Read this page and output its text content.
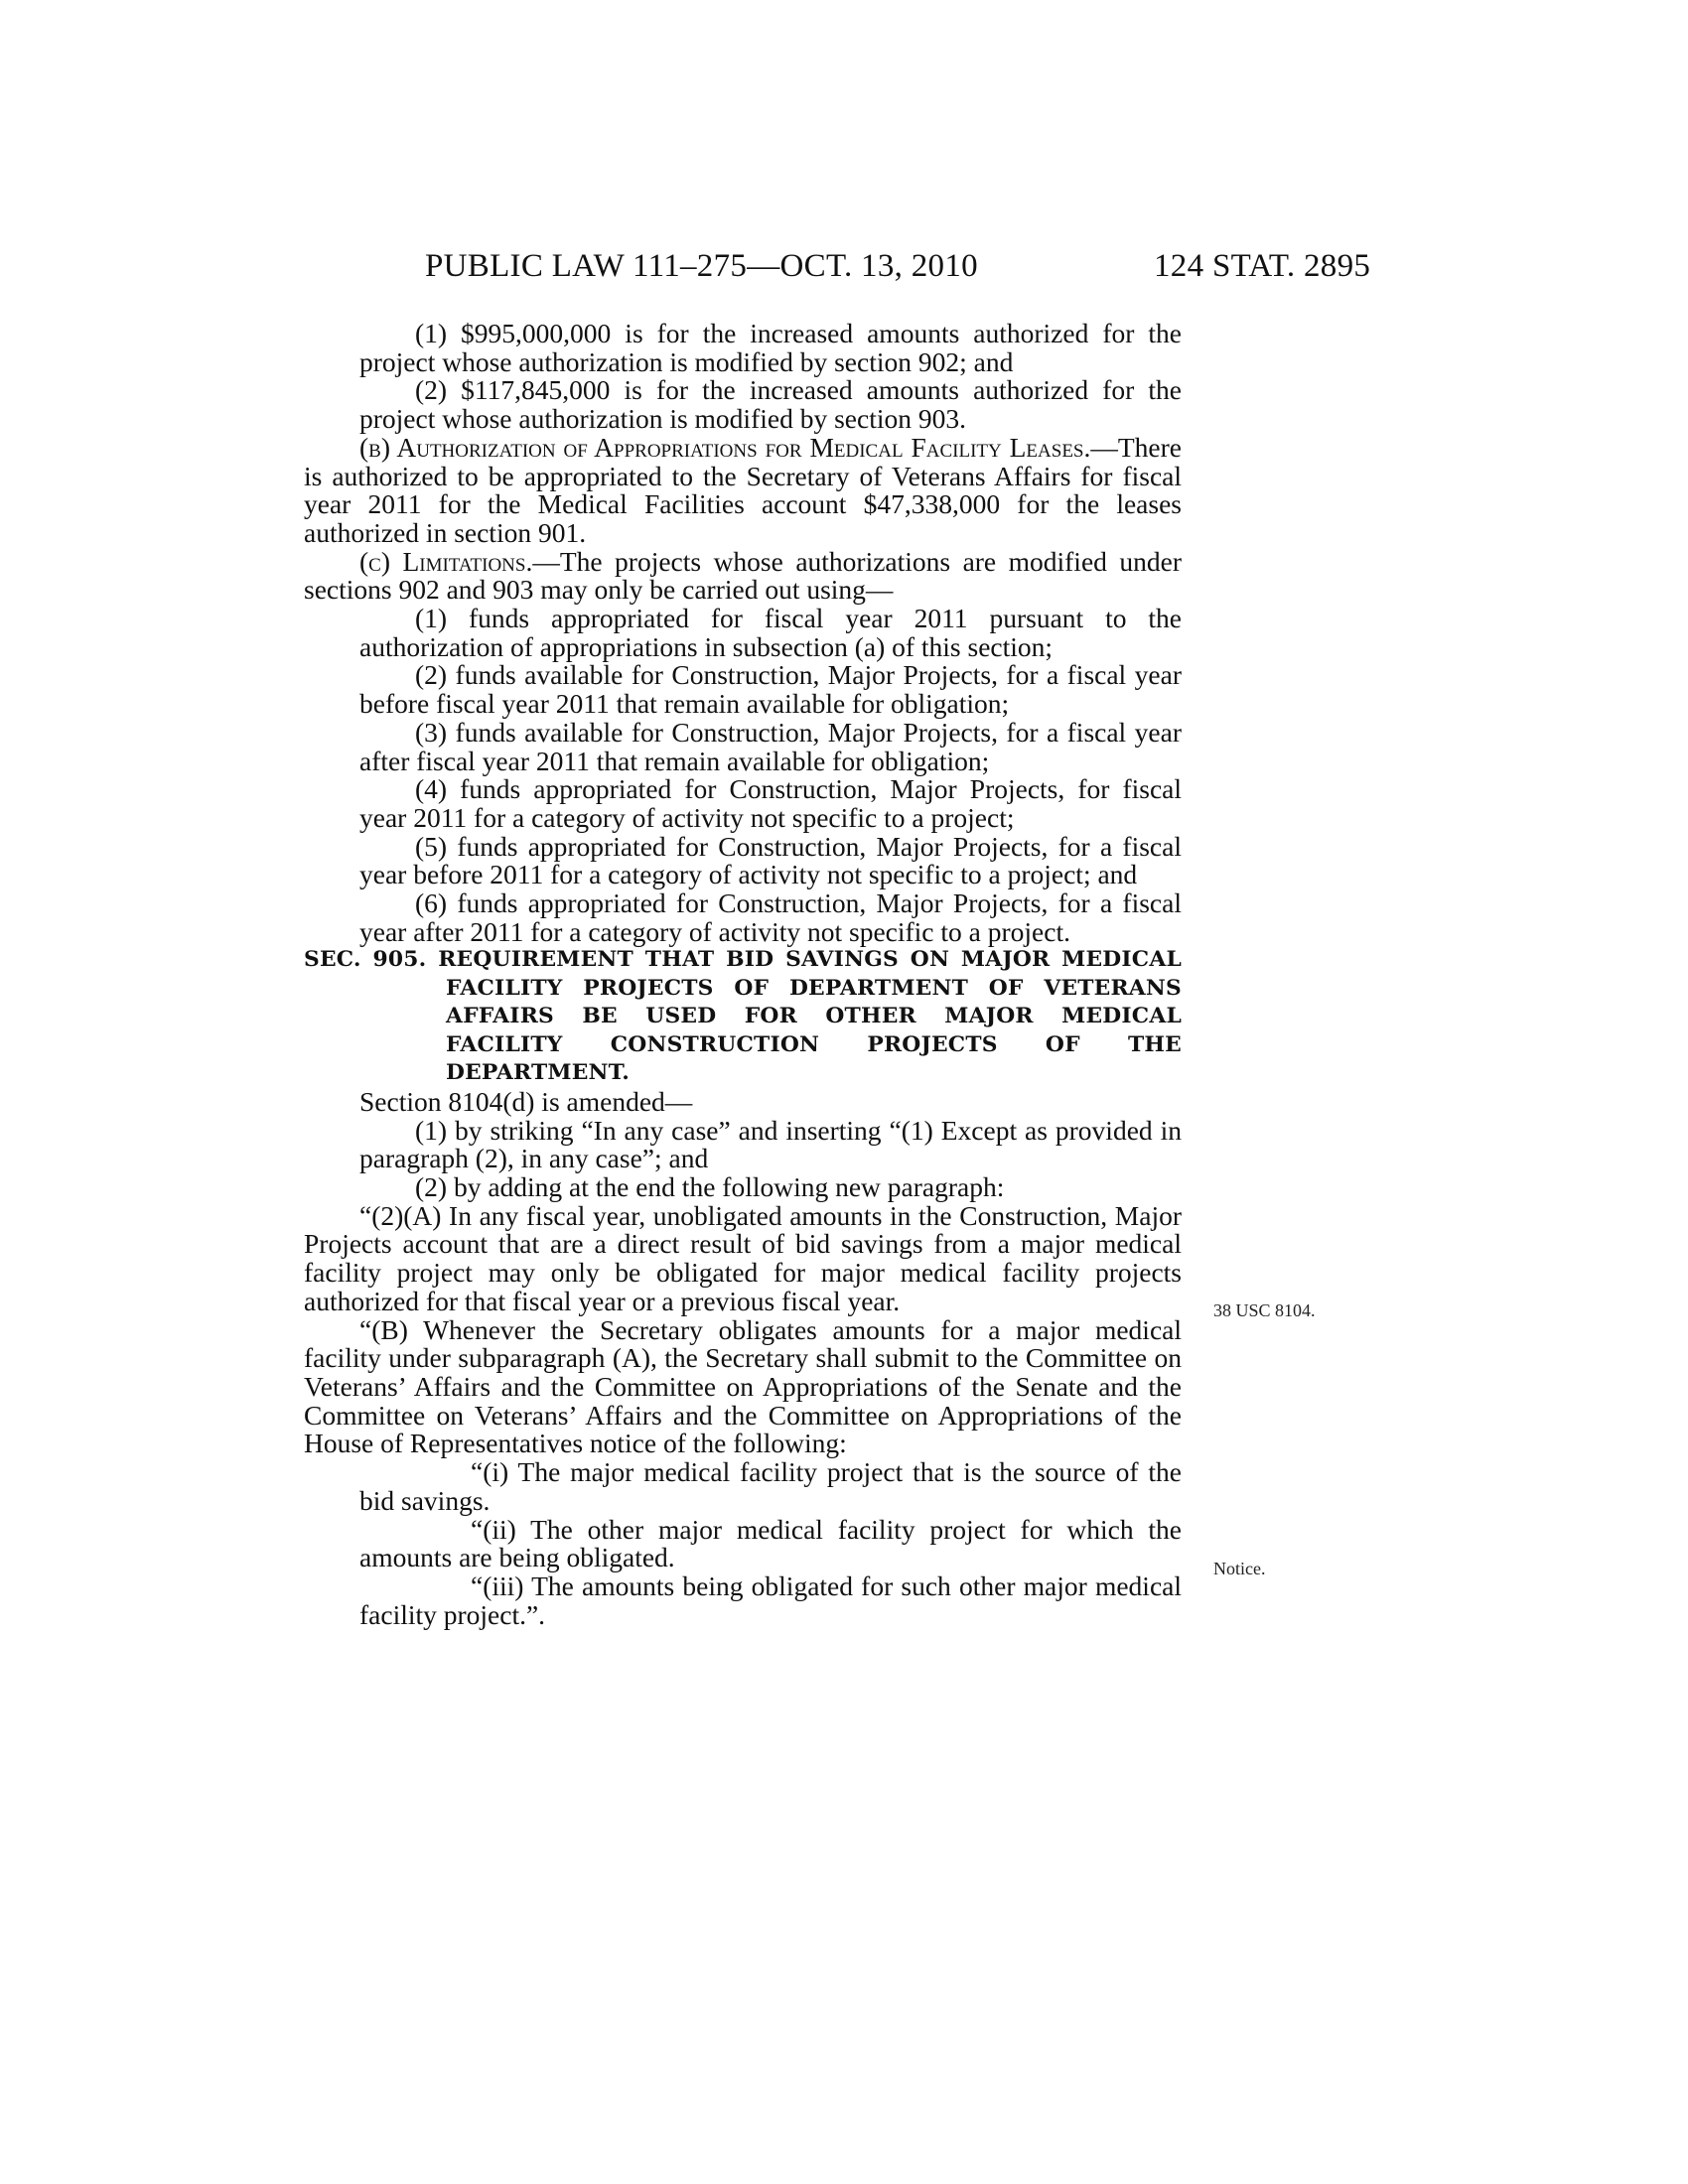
PUBLIC LAW 111–275—OCT. 13, 2010	124 STAT. 2895

(1) $995,000,000 is for the increased amounts authorized for the project whose authorization is modified by section 902; and

(2) $117,845,000 is for the increased amounts authorized for the project whose authorization is modified by section 903.

(b) Authorization of Appropriations for Medical Facility Leases.—There is authorized to be appropriated to the Secretary of Veterans Affairs for fiscal year 2011 for the Medical Facilities account $47,338,000 for the leases authorized in section 901.

(c) Limitations.—The projects whose authorizations are modified under sections 902 and 903 may only be carried out using—

(1) funds appropriated for fiscal year 2011 pursuant to the authorization of appropriations in subsection (a) of this section;

(2) funds available for Construction, Major Projects, for a fiscal year before fiscal year 2011 that remain available for obligation;

(3) funds available for Construction, Major Projects, for a fiscal year after fiscal year 2011 that remain available for obligation;

(4) funds appropriated for Construction, Major Projects, for fiscal year 2011 for a category of activity not specific to a project;

(5) funds appropriated for Construction, Major Projects, for a fiscal year before 2011 for a category of activity not specific to a project; and

(6) funds appropriated for Construction, Major Projects, for a fiscal year after 2011 for a category of activity not specific to a project.

SEC. 905. REQUIREMENT THAT BID SAVINGS ON MAJOR MEDICAL FACILITY PROJECTS OF DEPARTMENT OF VETERANS AFFAIRS BE USED FOR OTHER MAJOR MEDICAL FACILITY CONSTRUCTION PROJECTS OF THE DEPARTMENT.

Section 8104(d) is amended—

(1) by striking “In any case” and inserting “(1) Except as provided in paragraph (2), in any case”; and

(2) by adding at the end the following new paragraph:

“(2)(A) In any fiscal year, unobligated amounts in the Construction, Major Projects account that are a direct result of bid savings from a major medical facility project may only be obligated for major medical facility projects authorized for that fiscal year or a previous fiscal year.

“(B) Whenever the Secretary obligates amounts for a major medical facility under subparagraph (A), the Secretary shall submit to the Committee on Veterans’ Affairs and the Committee on Appropriations of the Senate and the Committee on Veterans’ Affairs and the Committee on Appropriations of the House of Representatives notice of the following:

“(i) The major medical facility project that is the source of the bid savings.

“(ii) The other major medical facility project for which the amounts are being obligated.

“(iii) The amounts being obligated for such other major medical facility project.”.

38 USC 8104.
Notice.
